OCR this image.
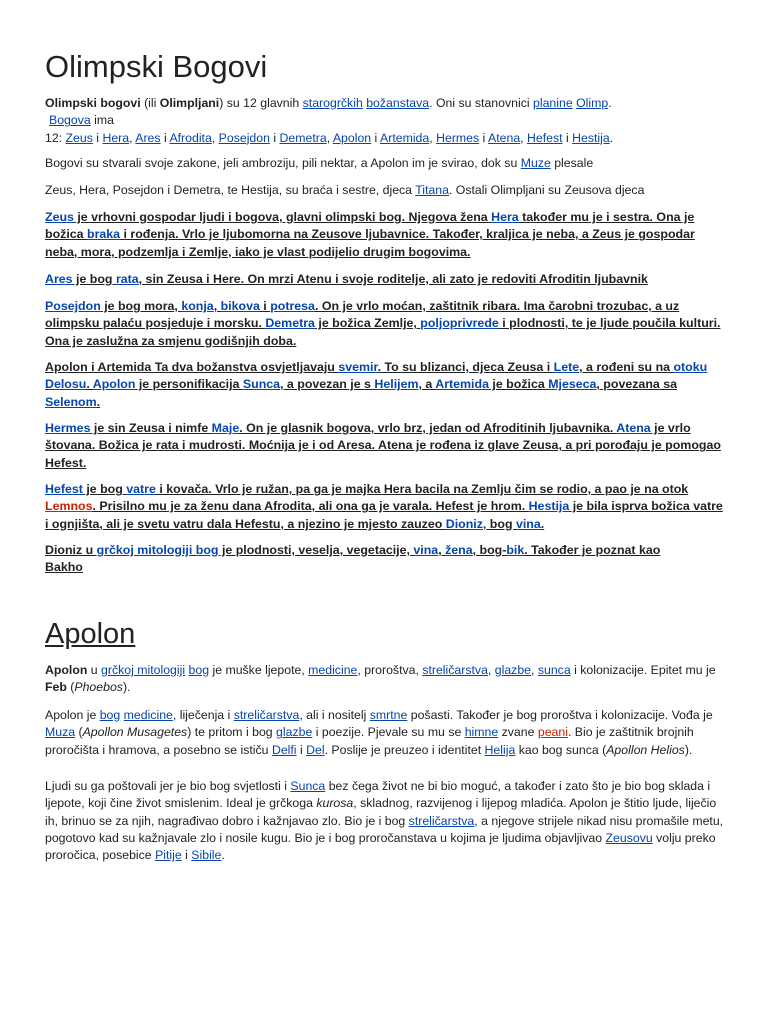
Olimpski Bogovi

Olimpski bogovi (ili Olimpljani) su 12 glavnih starogrčkih božanstava. Oni su stanovnici planine Olimp.

Bogova ima

12: Zeus i Hera, Ares i Afrodita, Posejdon i Demetra, Apolon i Artemida, Hermes i Atena, Hefest i Hestija.

Bogovi su stvarali svoje zakone, jeli ambroziju, pili nektar, a Apolon im je svirao, dok su Muze plesale

Zeus, Hera, Posejdon i Demetra, te Hestija, su braća i sestre, djeca Titana. Ostali Olimpljani su Zeusova djeca

Zeus je vrhovni gospodar ljudi i bogova, glavni olimpski bog. Njegova žena Hera također mu je i sestra. Ona je božica braka i rođenja. Vrlo je ljubomorna na Zeusove ljubavnice. Također, kraljica je neba, a Zeus je gospodar neba, mora, podzemlja i Zemlje, iako je vlast podijelio drugim bogovima.

Ares je bog rata, sin Zeusa i Here. On mrzi Atenu i svoje roditelje, ali zato je redoviti Afroditin ljubavnik

Posejdon je bog mora, konja, bikova i potresa. On je vrlo moćan, zaštitnik ribara. Ima čarobni trozubac, a uz olimpsku palaću posjeduje i morsku. Demetra je božica Zemlje, poljoprivrede i plodnosti, te je ljude poučila kulturi. Ona je zaslužna za smjenu godišnjih doba.

Apolon i Artemida Ta dva božanstva osvjetljavaju svemir. To su blizanci, djeca Zeusa i Lete, a rođeni su na otoku Delosu. Apolon je personifikacija Sunca, a povezan je s Helijem, a Artemida je božica Mjeseca, povezana sa Selenom.

Hermes je sin Zeusa i nimfe Maje. On je glasnik bogova, vrlo brz, jedan od Afroditinih ljubavnika. Atena je vrlo štovana. Božica je rata i mudrosti. Moćnija je i od Aresa. Atena je rođena iz glave Zeusa, a pri porođaju je pomogao Hefest.

Hefest je bog vatre i kovača. Vrlo je ružan, pa ga je majka Hera bacila na Zemlju čim se rodio, a pao je na otok Lemnos. Prisilno mu je za ženu dana Afrodita, ali ona ga je varala. Hefest je hrom. Hestija je bila isprva božica vatre i ognjišta, ali je svetu vatru dala Hefestu, a njezino je mjesto zauzeo Dioniz, bog vina.

Dioniz u grčkoj mitologiji bog je plodnosti, veselja, vegetacije, vina, žena, bog-bik. Također je poznat kao Bakho

Apolon

Apolon u grčkoj mitologiji bog je muške ljepote, medicine, proroštva, streličarstva, glazbe, sunca i kolonizacije. Epitet mu je Feb (Phoebos).

Apolon je bog medicine, liječenja i streličarstva, ali i nositelj smrtne pošasti. Također je bog proroštva i kolonizacije. Vođa je Muza (Apollon Musagetes) te pritom i bog glazbe i poezije. Pjevale su mu se himne zvane peani. Bio je zaštitnik brojnih proročišta i hramova, a posebno se ističu Delfi i Del. Poslije je preuzeo i identitet Helija kao bog sunca (Apollon Helios).

Ljudi su ga poštovali jer je bio bog svjetlosti i Sunca bez čega život ne bi bio moguć, a također i zato što je bio bog sklada i ljepote, koji čine život smislenim. Ideal je grčkoga kurosa, skladnog, razvijenog i lijepog mladića. Apolon je štitio ljude, liječio ih, brinuo se za njih, nagrađivao dobro i kažnjavao zlo. Bio je i bog streličarstva, a njegove strijele nikad nisu promašile metu, pogotovo kad su kažnjavale zlo i nosile kugu. Bio je i bog proročanstava u kojima je ljudima objavljivao Zeusovu volju preko proročica, posebice Pitije i Sibile.
